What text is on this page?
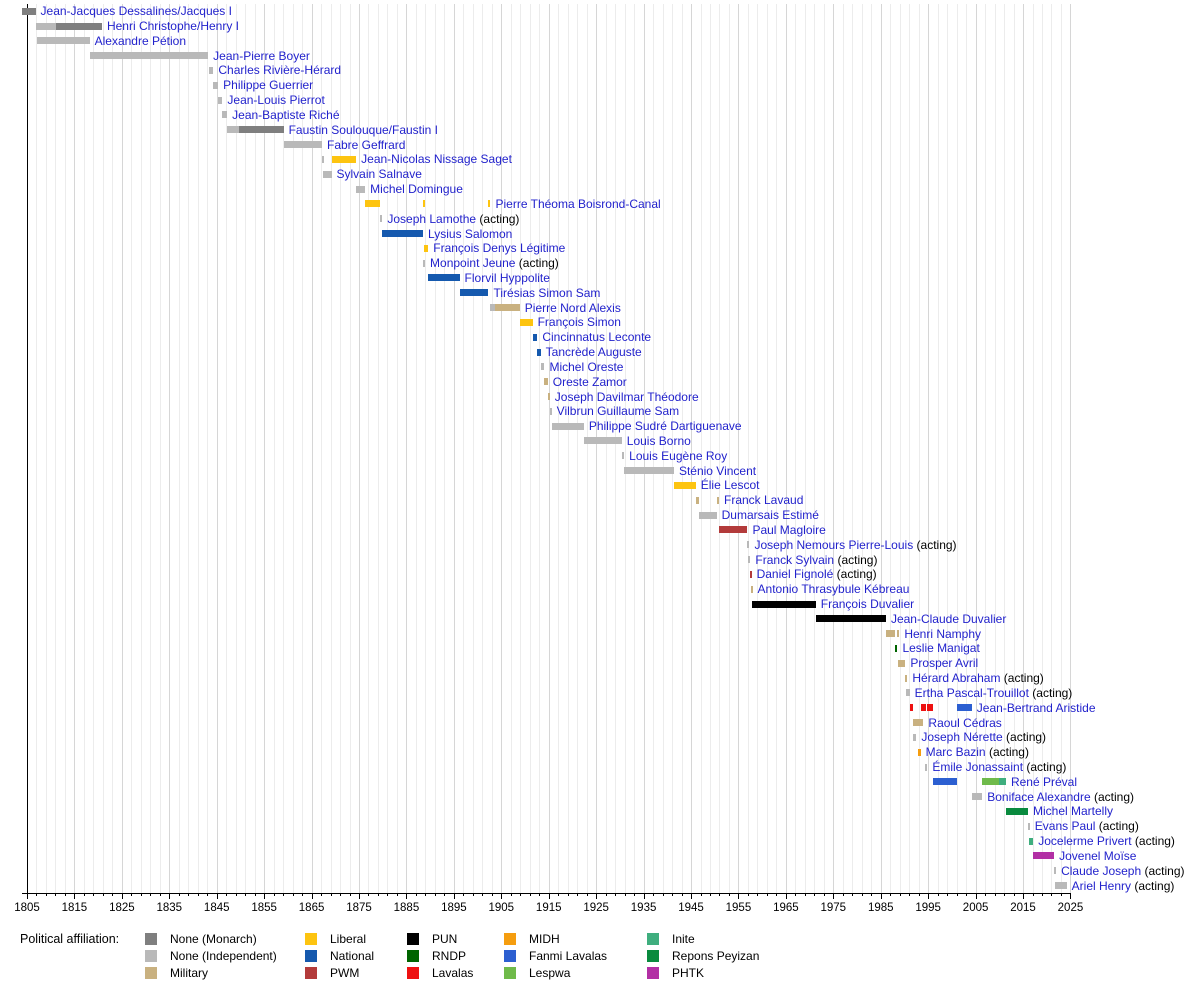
1805	1815	1825	1835	1845	1855	1865	1875	1885	1895	1905	1915	1925	1935	1945	1955	1965	1975	1985	1995	2005	2015	2025
Jean-Jacques Dessalines/Jacques I
Henri Christophe/Henry I
Alexandre Pétion
Jean-Pierre Boyer
Charles Rivière-Hérard
Philippe Guerrier
Jean-Louis Pierrot
Jean-Baptiste Riché
Faustin Soulouque/Faustin I
Fabre Geffrard
Jean-Nicolas Nissage Saget
Sylvain Salnave
Michel Domingue
Pierre Théoma Boisrond-Canal
Joseph Lamothe (acting)
Lysius Salomon
François Denys Légitime
Monpoint Jeune (acting)
Florvil Hyppolite
Tirésias Simon Sam
Pierre Nord Alexis
François Simon
Cincinnatus Leconte
Tancrède Auguste
Michel Oreste
Oreste Zamor
Joseph Davilmar Théodore
Vilbrun Guillaume Sam
Philippe Sudré Dartiguenave
Louis Borno
Louis Eugène Roy
Sténio Vincent
Élie Lescot
Franck Lavaud
Dumarsais Estimé
Paul Magloire
Joseph Nemours Pierre-Louis (acting)
Franck Sylvain (acting)
Daniel Fignolé (acting)
Antonio Thrasybule Kébreau
François Duvalier
Jean-Claude Duvalier
Henri Namphy
Leslie Manigat
Prosper Avril
Hérard Abraham (acting)
Ertha Pascal-Trouillot (acting)
Jean-Bertrand Aristide
Raoul Cédras
Joseph Nérette (acting)
Marc Bazin (acting)
Émile Jonassaint (acting)
René Préval
Boniface Alexandre (acting)
Michel Martelly
Evans Paul (acting)
Jocelerme Privert (acting)
Jovenel Moïse
Claude Joseph (acting)
Ariel Henry (acting)
None (Monarch)
None (Independent)
Military
Liberal
National
PWM
PUN
RNDP
Lavalas
MIDH
Fanmi Lavalas
Lespwa
Inite
Repons Peyizan
PHTK
Political affiliation:
